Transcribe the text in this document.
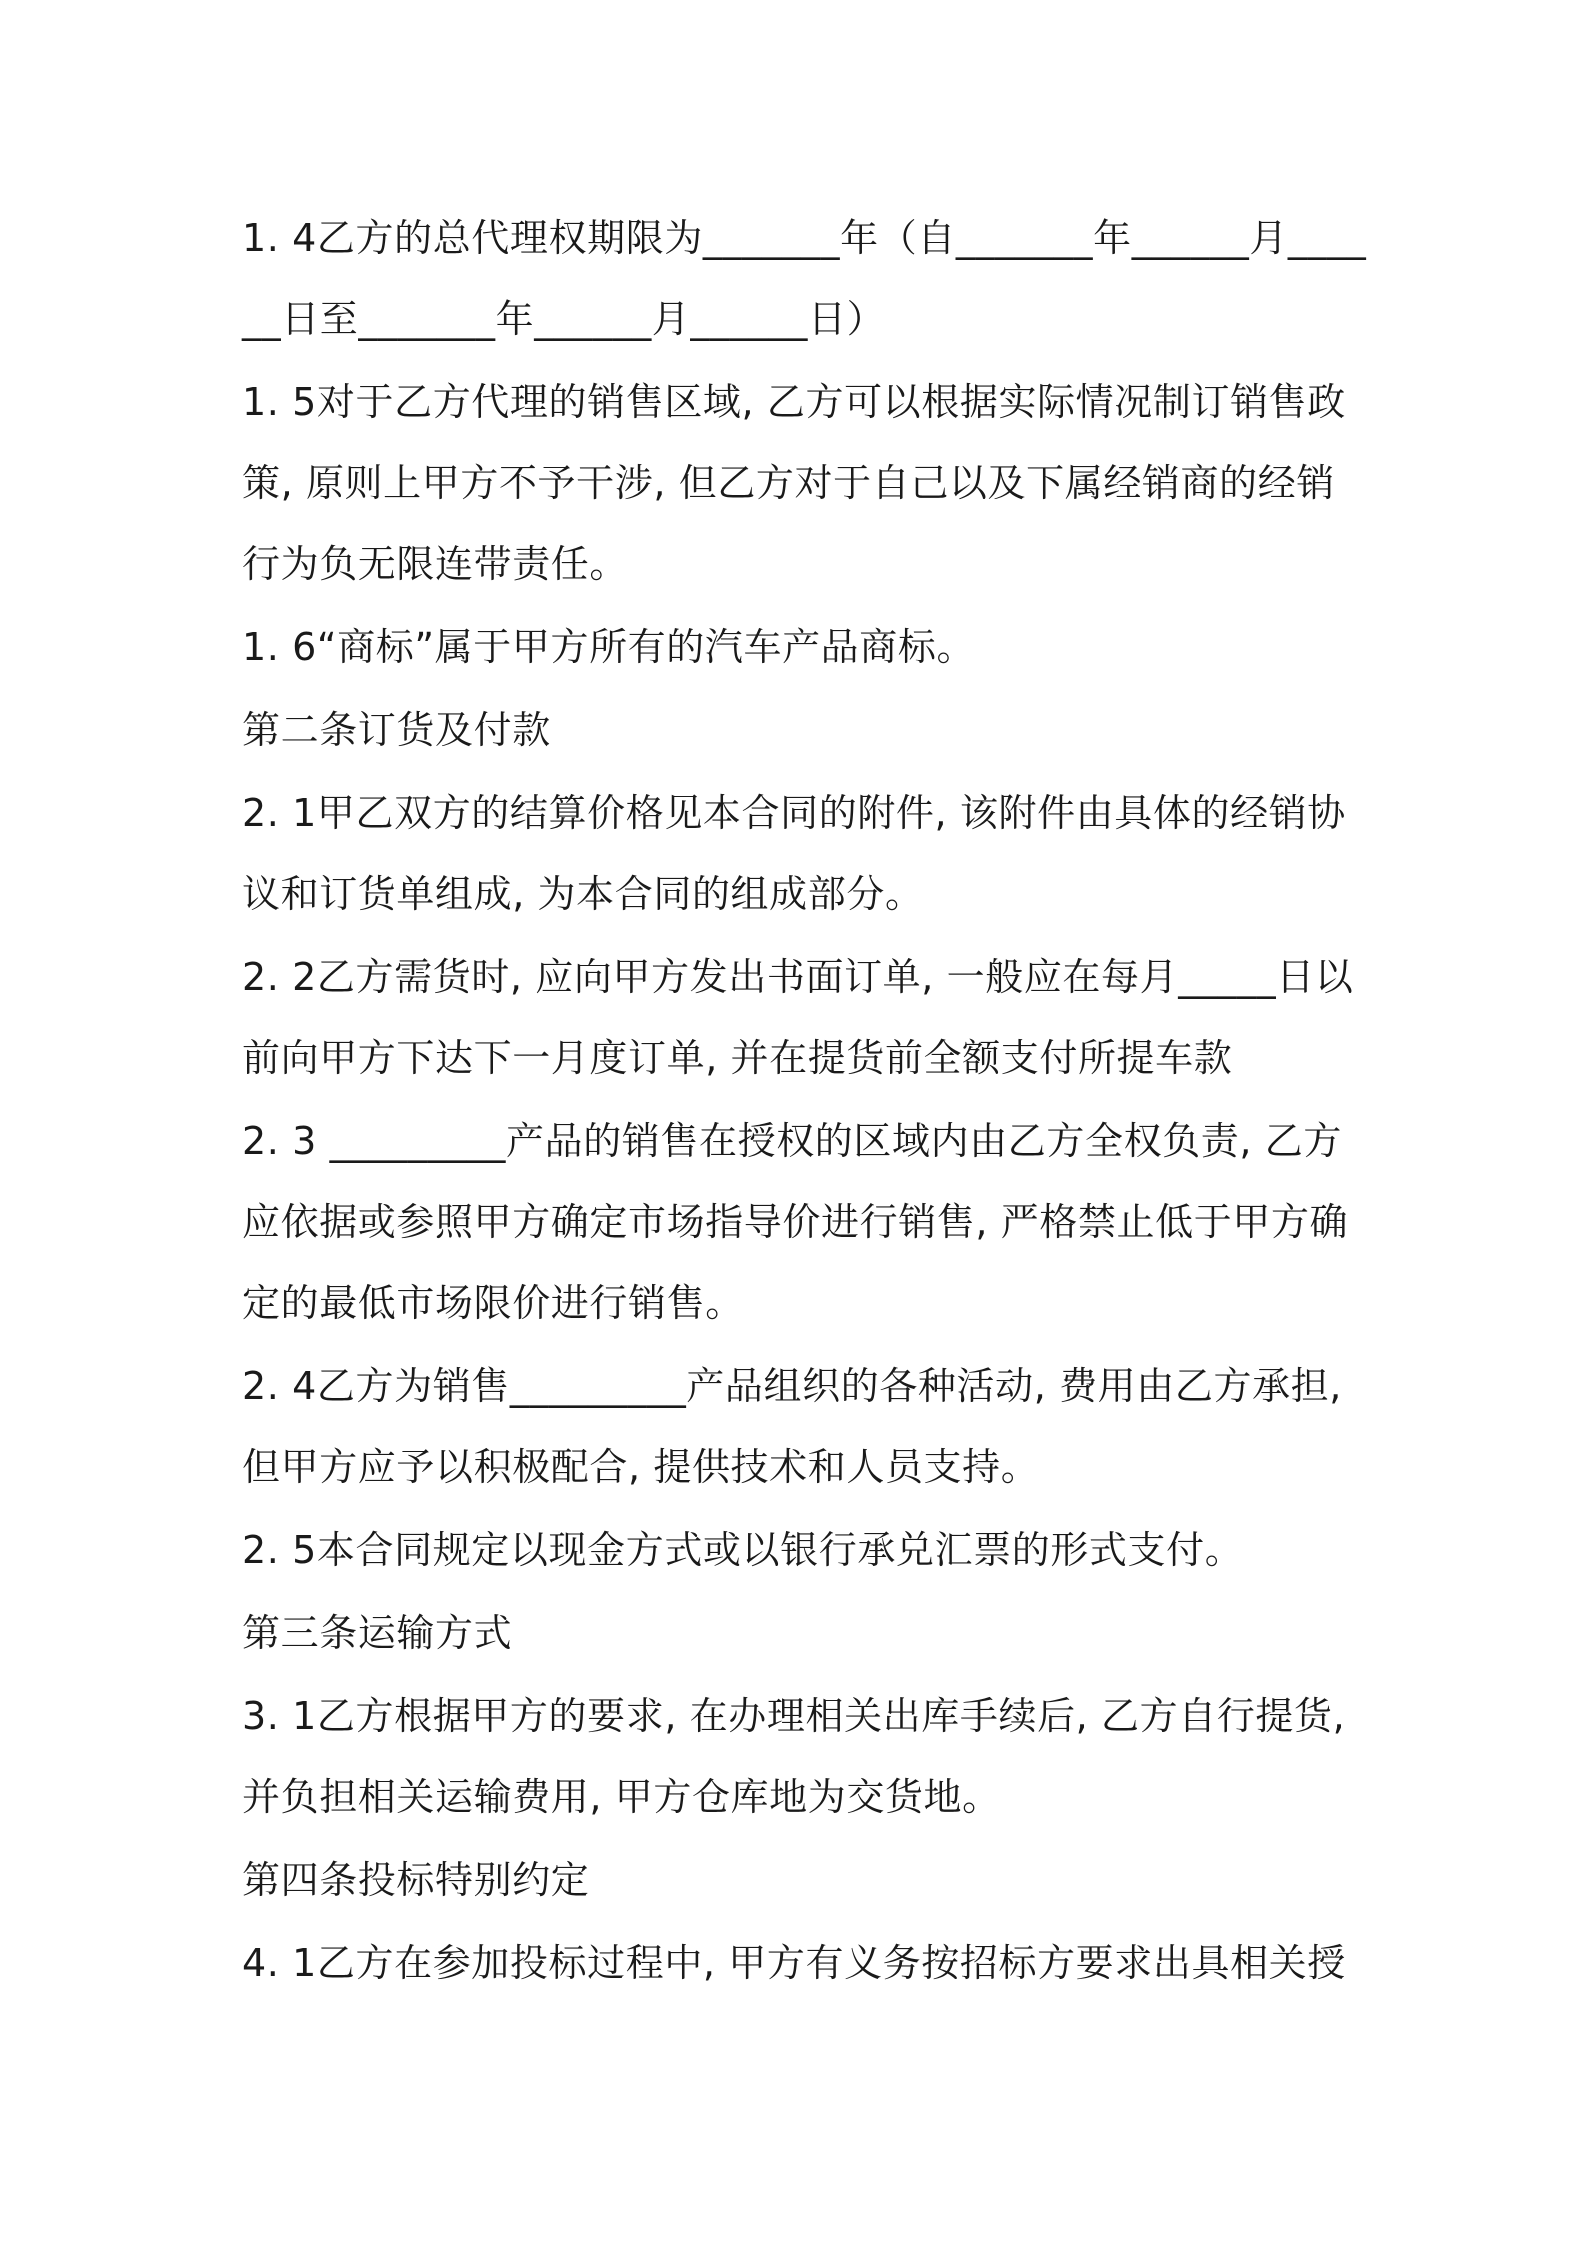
1. 4乙方的总代理权期限为_______年（自_______年______月______日至_______年______月______日）

1. 5对于乙方代理的销售区域, 乙方可以根据实际情况制订销售政策, 原则上甲方不予干涉, 但乙方对于自己以及下属经销商的经销行为负无限连带责任。

1. 6“商标”属于甲方所有的汽车产品商标。

第二条订货及付款

2. 1甲乙双方的结算价格见本合同的附件, 该附件由具体的经销协议和订货单组成, 为本合同的组成部分。

2. 2乙方需货时, 应向甲方发出书面订单, 一般应在每月_____日以前向甲方下达下一月度订单, 并在提货前全额支付所提车款

2. 3 _________产品的销售在授权的区域内由乙方全权负责, 乙方应依据或参照甲方确定市场指导价进行销售, 严格禁止低于甲方确定的最低市场限价进行销售。

2. 4乙方为销售_________产品组织的各种活动, 费用由乙方承担, 但甲方应予以积极配合, 提供技术和人员支持。

2. 5本合同规定以现金方式或以银行承兑汇票的形式支付。

第三条运输方式

3. 1乙方根据甲方的要求, 在办理相关出库手续后, 乙方自行提货, 并负担相关运输费用, 甲方仓库地为交货地。

第四条投标特别约定

4. 1乙方在参加投标过程中, 甲方有义务按招标方要求出具相关授
